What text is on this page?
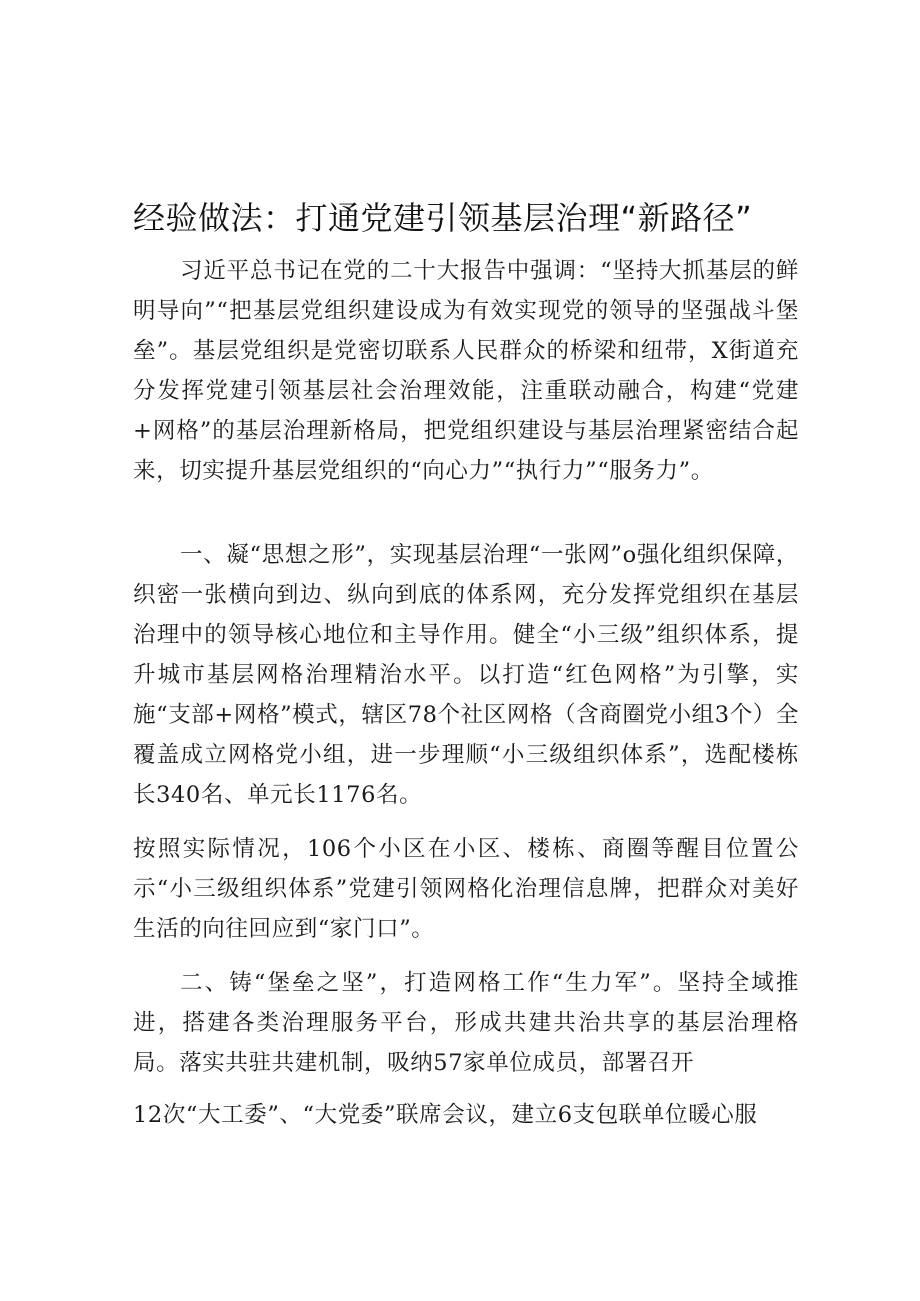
经验做法：打通党建引领基层治理“新路径”
习近平总书记在党的二十大报告中强调：“坚持大抓基层的鲜明导向”“把基层党组织建设成为有效实现党的领导的坚强战斗堡垒”。基层党组织是党密切联系人民群众的桥梁和纽带，X街道充分发挥党建引领基层社会治理效能，注重联动融合，构建“党建+网格”的基层治理新格局，把党组织建设与基层治理紧密结合起来，切实提升基层党组织的“向心力”“执行力”“服务力”。
一、凝“思想之形”，实现基层治理“一张网”o强化组织保障，织密一张横向到边、纵向到底的体系网，充分发挥党组织在基层治理中的领导核心地位和主导作用。健全“小三级”组织体系，提升城市基层网格治理精治水平。以打造“红色网格”为引擎，实施“支部+网格”模式，辖区78个社区网格（含商圈党小组3个）全覆盖成立网格党小组，进一步理顺“小三级组织体系”，选配楼栋长340名、单元长1176名。
按照实际情况，106个小区在小区、楼栋、商圈等醒目位置公示“小三级组织体系”党建引领网格化治理信息牌，把群众对美好生活的向往回应到“家门口”。
二、铸“堡垒之坚”，打造网格工作“生力军”。坚持全域推进，搭建各类治理服务平台，形成共建共治共享的基层治理格局。落实共驻共建机制，吸纳57家单位成员，部署召开
12次“大工委”、“大党委”联席会议，建立6支包联单位暖心服
